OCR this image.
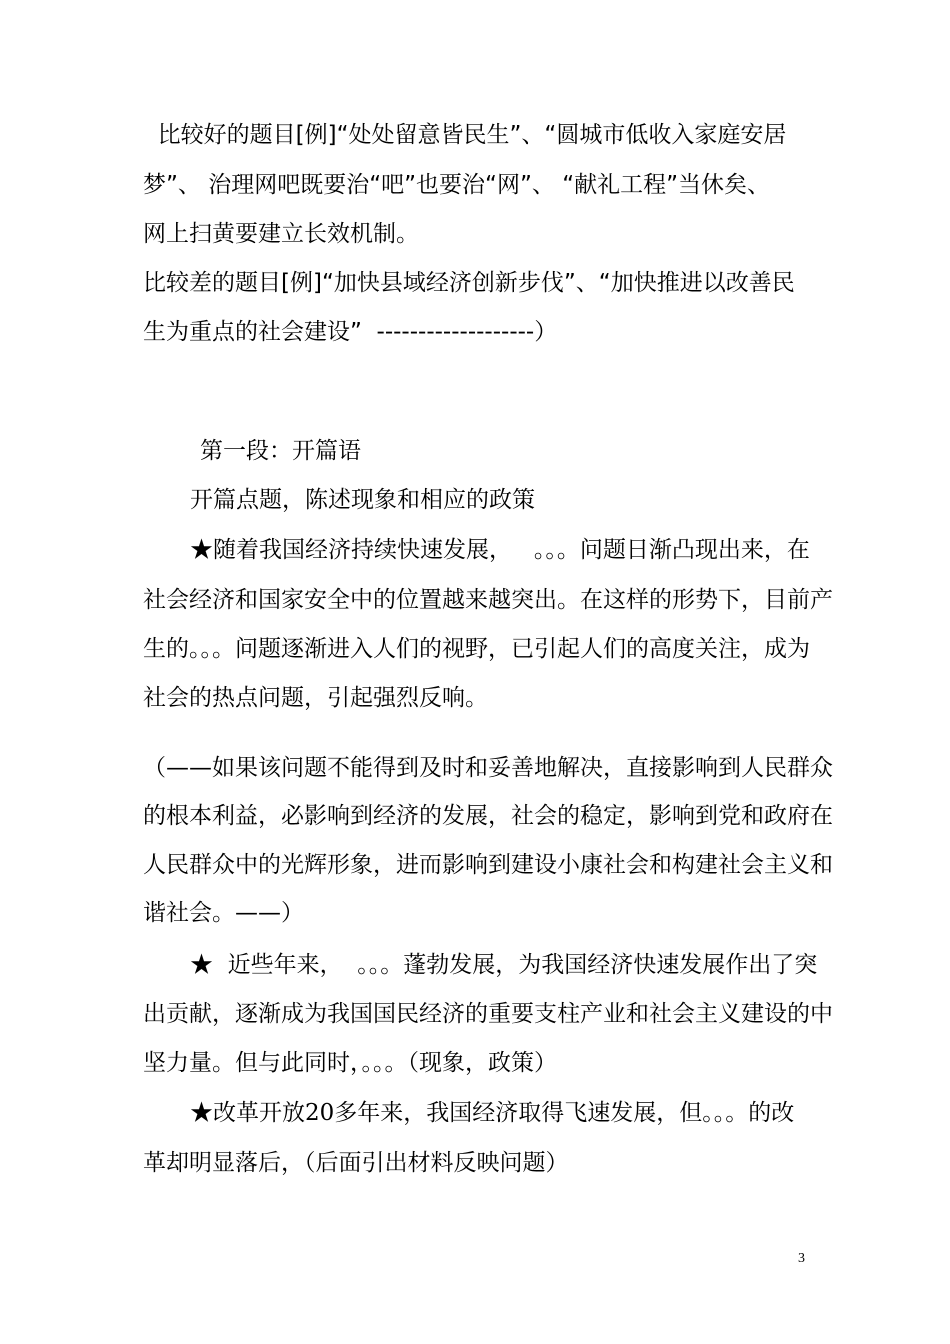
比较好的题目[例]“处处留意皆民生”、“圆城市低收入家庭安居
梦”、 治理网吧既要治“吧”也要治“网”、 “献礼工程”当休矣、
网上扫黄要建立长效机制。
比较差的题目[例]“加快县域经济创新步伐”、“加快推进以改善民
生为重点的社会建设”  -------------------）
第一段：开篇语
开篇点题，陈述现象和相应的政策
★随着我国经济持续快速发展，   。。。问题日渐凸现出来，在
社会经济和国家安全中的位置越来越突出。在这样的形势下，目前产
生的。。。问题逐渐进入人们的视野，已引起人们的高度关注，成为
社会的热点问题，引起强烈反响。
（——如果该问题不能得到及时和妥善地解决，直接影响到人民群众
的根本利益，必影响到经济的发展，社会的稳定，影响到党和政府在
人民群众中的光辉形象，进而影响到建设小康社会和构建社会主义和
谐社会。——）
★  近些年来，  。。。蓬勃发展，为我国经济快速发展作出了突
出贡献，逐渐成为我国国民经济的重要支柱产业和社会主义建设的中
坚力量。但与此同时，。。。（现象，政策）
★改革开放20多年来，我国经济取得飞速发展，但。。。的改
革却明显落后，（后面引出材料反映问题）
3
